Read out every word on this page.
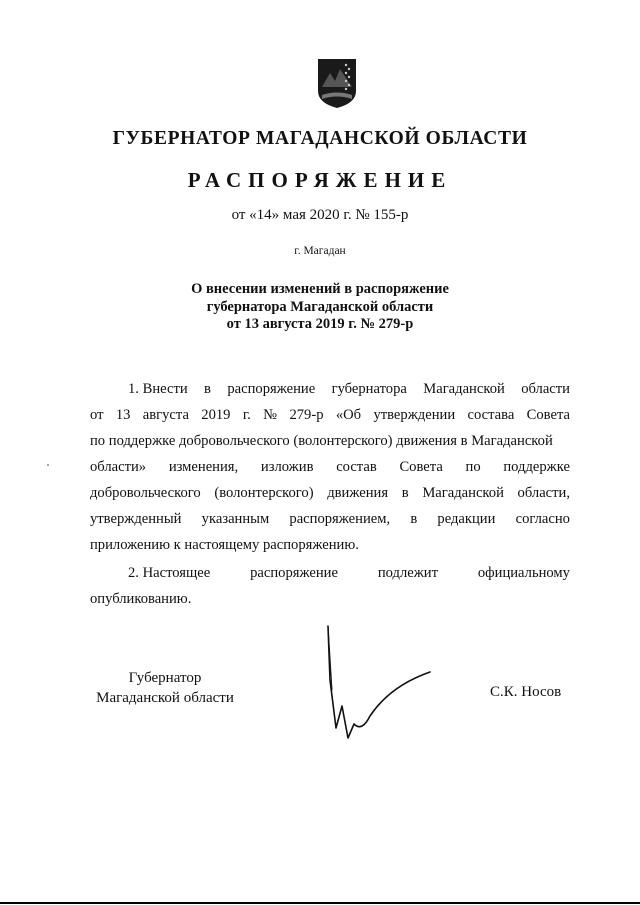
ГУБЕРНАТОР МАГАДАНСКОЙ ОБЛАСТИ
РАСПОРЯЖЕНИЕ
от «14» мая 2020 г. № 155-р
г. Магадан
О внесении изменений в распоряжение
губернатора Магаданской области
от 13 августа 2019 г. № 279-р
1. Внести в распоряжение губернатора Магаданской области
от 13 августа 2019 г. № 279-р «Об утверждении состава Совета
по поддержке добровольческого (волонтерского) движения в Магаданской
области» изменения, изложив состав Совета по поддержке
добровольческого (волонтерского) движения в Магаданской области,
утвержденный указанным распоряжением, в редакции согласно
приложению к настоящему распоряжению.
2. Настоящее	распоряжение	подлежит	официальному
опубликованию.
Губернатор
Магаданской области	С.К. Носов
